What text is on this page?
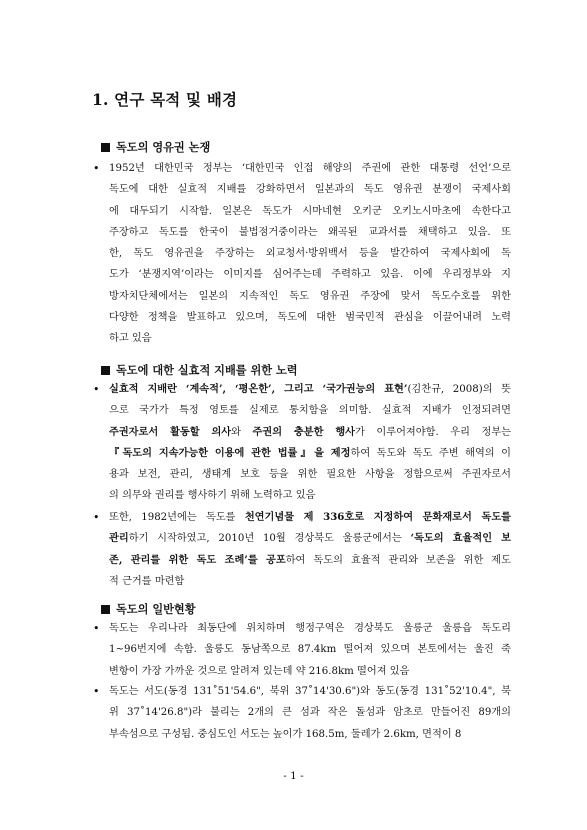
1. 연구 목적 및 배경
독도의 영유권 논쟁
• 1952년 대한민국 정부는 ‘대한민국 인접 해양의 주권에 관한 대통령 선언’으로
독도에 대한 실효적 지배를 강화하면서 일본과의 독도 영유권 분쟁이 국제사회
에 대두되기 시작함. 일본은 독도가 시마네현 오키군 오키노시마초에 속한다고
주장하고 독도를 한국이 불법점거중이라는 왜곡된 교과서를 채택하고 있음. 또
한, 독도 영유권을 주장하는 외교청서·방위백서 등을 발간하여 국제사회에 독
도가 ‘분쟁지역’이라는 이미지를 심어주는데 주력하고 있음. 이에 우리정부와 지
방자치단체에서는 일본의 지속적인 독도 영유권 주장에 맞서 독도수호를 위한
다양한 정책을 발표하고 있으며, 독도에 대한 범국민적 관심을 이끌어내려 노력
하고 있음
독도에 대한 실효적 지배를 위한 노력
• 실효적 지배란 ‘계속적’, ‘평온한’, 그리고 ‘국가권능의 표현’(김찬규, 2008)의 뜻
으로 국가가 특정 영토를 실제로 통치함을 의미함. 실효적 지배가 인정되려면
주권자로서 활동할 의사와 주권의 충분한 행사가 이루어져야함. 우리 정부는
『독도의 지속가능한 이용에 관한 법률』을 제정하여 독도와 독도 주변 해역의 이
용과 보전, 관리, 생태계 보호 등을 위한 필요한 사항을 정함으로써 주권자로서
의 의무와 권리를 행사하기 위해 노력하고 있음
• 또한, 1982년에는 독도를 천연기념물 제 336호로 지정하여 문화재로서 독도를
관리하기 시작하였고, 2010년 10월 경상북도 울릉군에서는 ‘독도의 효율적인 보
존, 관리를 위한 독도 조례’를 공포하여 독도의 효율적 관리와 보존을 위한 제도
적 근거를 마련함
독도의 일반현황
• 독도는 우리나라 최동단에 위치하며 행정구역은 경상북도 울릉군 울릉읍 독도리
1~96번지에 속함. 울릉도 동남쪽으로 87.4km 떨어져 있으며 본토에서는 울진 죽
변항이 가장 가까운 것으로 알려져 있는데 약 216.8km 떨어져 있음
• 독도는 서도(동경 131˚51'54.6", 북위 37˚14'30.6")와 동도(동경 131˚52'10.4", 북
위 37˚14'26.8")라 불리는 2개의 큰 섬과 작은 돌섬과 암초로 만들어진 89개의
부속섬으로 구성됨. 중심도인 서도는 높이가 168.5m, 둘레가 2.6km, 면적이 8
- 1 -
